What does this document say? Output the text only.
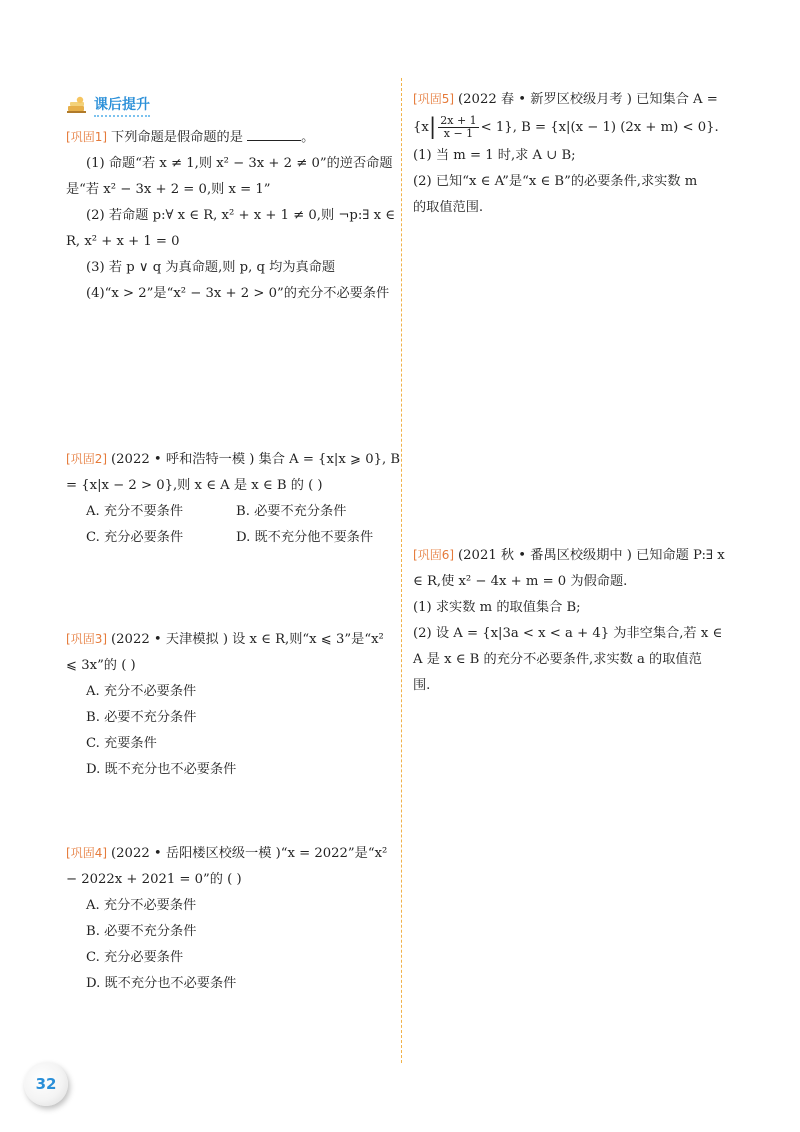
课后提升
[ 巩固1 ] 下列命题是假命题的是	。
(1) 命题“若 x ≠ 1,则 x² − 3x + 2 ≠ 0”的逆否命题
是“若 x² − 3x + 2 = 0,则 x = 1”
(2) 若命题 p:∀ x ∈ R, x² + x + 1 ≠ 0,则 ¬p:∃ x ∈
R, x² + x + 1 = 0
(3) 若 p ∨ q 为真命题,则 p, q 均为真命题
(4)“x > 2”是“x² − 3x + 2 > 0”的充分不必要条件
[ 巩固2 ] (2022 • 呼和浩特一模 ) 集合 A = {x|x ⩾ 0}, B
= {x|x − 2 > 0},则 x ∈ A 是 x ∈ B 的 ( )
A. 充分不要条件	B. 必要不充分条件
C. 充分必要条件	D. 既不充分他不要条件
[ 巩固3 ] (2022 • 天津模拟 ) 设 x ∈ R,则“x ⩽ 3”是“x²
⩽ 3x”的 ( )
A. 充分不必要条件
B. 必要不充分条件
C. 充要条件
D. 既不充分也不必要条件
[ 巩固4 ] (2022 • 岳阳楼区校级一模 )“x = 2022”是“x²
− 2022x + 2021 = 0”的 ( )
A. 充分不必要条件
B. 必要不充分条件
C. 充分必要条件
D. 既不充分也不必要条件
[ 巩固5 ] (2022 春 • 新罗区校级月考 ) 已知集合 A =
$\{x| \frac{2x + 1}{x - 1} < 1\}$, B = {x|(x − 1) (2x + m) < 0}.
(1) 当 m = 1 时,求 A ∪ B;
(2) 已知“x ∈ A”是“x ∈ B”的必要条件,求实数 m
的取值范围.
[ 巩固6 ] (2021 秋 • 番禺区校级期中 ) 已知命题 P:∃ x
∈ R,使 x² − 4x + m = 0 为假命题.
(1) 求实数 m 的取值集合 B;
(2) 设 A = {x|3a < x < a + 4} 为非空集合,若 x ∈
A 是 x ∈ B 的充分不必要条件,求实数 a 的取值范
围.
32
